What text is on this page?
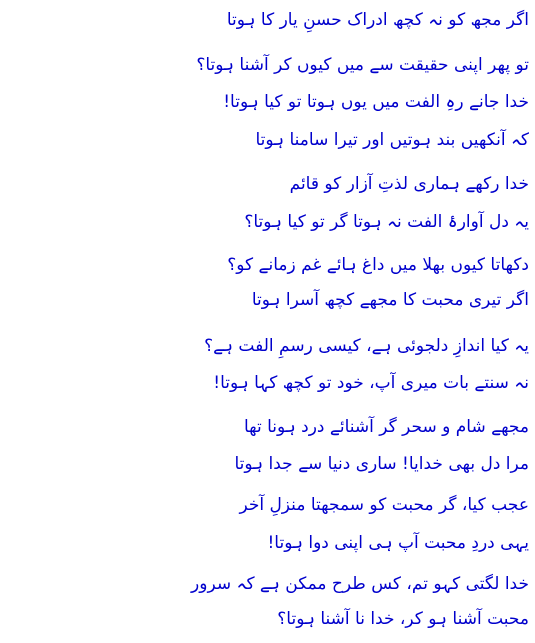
اگر مجھ کو نہ کچھ ادراک حسنِ یار کا ہوتا
تو پھر اپنی حقیقت سے میں کیوں کر آشنا ہوتا؟
خدا جانے رہِ الفت میں یوں ہوتا تو کیا ہوتا!
کہ آنکھیں بند ہوتیں اور تیرا سامنا ہوتا
خدا رکھے ہماری لذتِ آزار کو قائم
یہ دل آوارۂ الفت نہ ہوتا گر تو کیا ہوتا؟
دکھاتا کیوں بھلا میں داغ ہائے غم زمانے کو؟
اگر تیری محبت کا مجھے کچھ آسرا ہوتا
یہ کیا اندازِ دلجوئی ہے، کیسی رسمِ الفت ہے؟
نہ سنتے بات میری آپ، خود تو کچھ کہا ہوتا!
مجھے شام و سحر گر آشنائے درد ہونا تھا
مرا دل بھی خدایا! ساری دنیا سے جدا ہوتا
عجب کیا، گر محبت کو سمجھتا منزلِ آخر
یہی دردِ محبت آپ ہی اپنی دوا ہوتا!
خدا لگتی کہو تم، کس طرح ممکن ہے کہ سرور
محبت آشنا ہو کر، خدا نا آشنا ہوتا؟
